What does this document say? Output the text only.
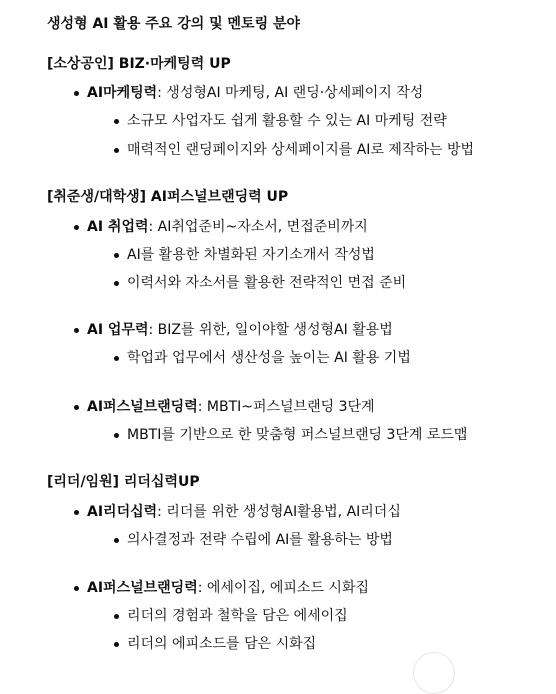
생성형 AI 활용 주요 강의 및 멘토링 분야
[소상공인] BIZ·마케팅력 UP
AI마케팅력: 생성형AI 마케팅, AI 랜딩·상세페이지 작성
소규모 사업자도 쉽게 활용할 수 있는 AI 마케팅 전략
매력적인 랜딩페이지와 상세페이지를 AI로 제작하는 방법
[취준생/대학생] AI퍼스널브랜딩력 UP
AI 취업력: AI취업준비~자소서, 면접준비까지
AI를 활용한 차별화된 자기소개서 작성법
이력서와 자소서를 활용한 전략적인 면접 준비
AI 업무력: BIZ를 위한, 일이야할 생성형AI 활용법
학업과 업무에서 생산성을 높이는 AI 활용 기법
AI퍼스널브랜딩력: MBTI~퍼스널브랜딩 3단계
MBTI를 기반으로 한 맞춤형 퍼스널브랜딩 3단계 로드맵
[리더/임원] 리더십력UP
AI리더십력: 리더를 위한 생성형AI활용법, AI리더십
의사결정과 전략 수립에 AI를 활용하는 방법
AI퍼스널브랜딩력: 에세이집, 에피소드 시화집
리더의 경험과 철학을 담은 에세이집
리더의 에피소드를 담은 시화집
